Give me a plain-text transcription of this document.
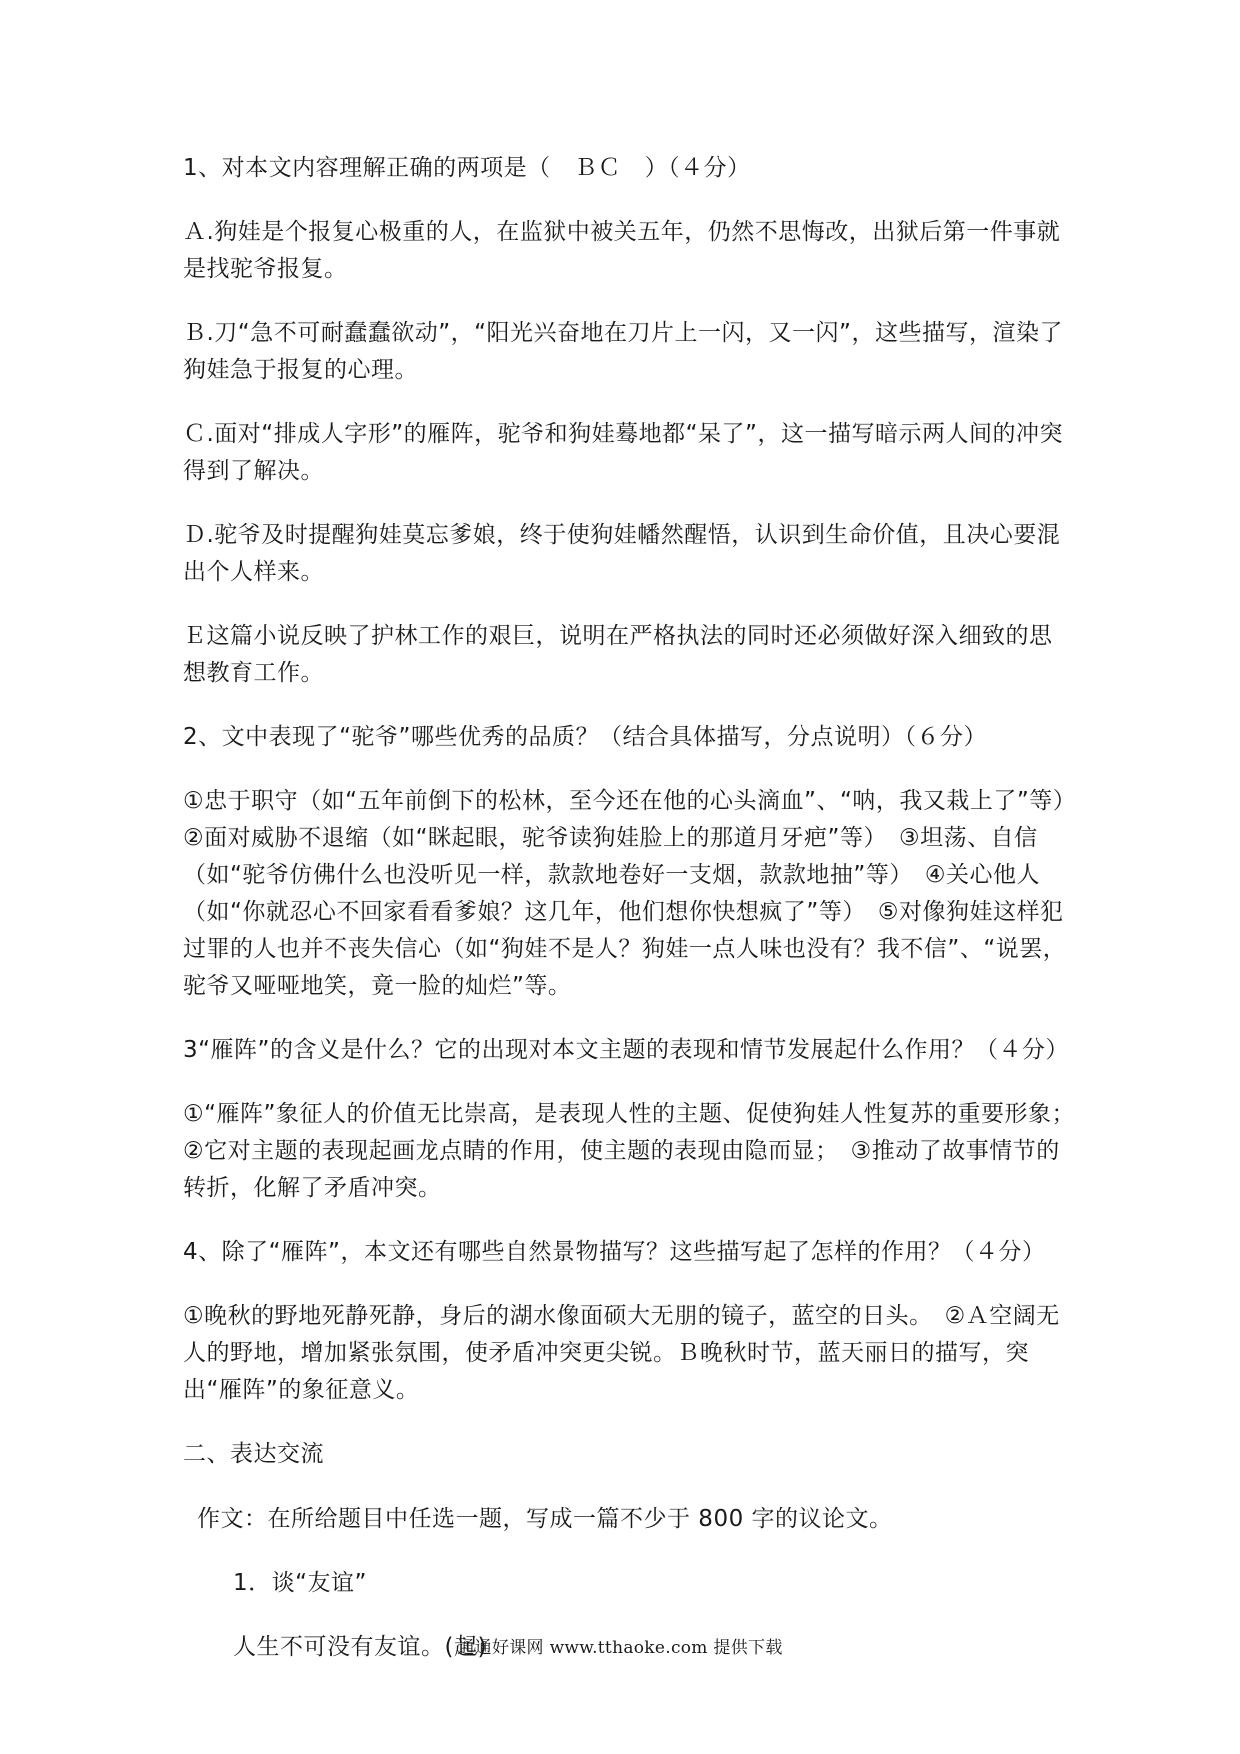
1、对本文内容理解正确的两项是（　ＢＣ　）（４分）

Ａ.狗娃是个报复心极重的人，在监狱中被关五年，仍然不思悔改，出狱后第一件事就是找驼爷报复。

Ｂ.刀“急不可耐蠢蠢欲动”，“阳光兴奋地在刀片上一闪，又一闪”，这些描写，渲染了狗娃急于报复的心理。

Ｃ.面对“排成人字形”的雁阵，驼爷和狗娃蓦地都“呆了”，这一描写暗示两人间的冲突得到了解决。

Ｄ.驼爷及时提醒狗娃莫忘爹娘，终于使狗娃幡然醒悟，认识到生命价值，且决心要混出个人样来。

Ｅ这篇小说反映了护林工作的艰巨，说明在严格执法的同时还必须做好深入细致的思想教育工作。

2、文中表现了“驼爷”哪些优秀的品质？（结合具体描写，分点说明）（６分）

①忠于职守（如“五年前倒下的松林，至今还在他的心头滴血”、“呐，我又栽上了”等）　②面对威胁不退缩（如“眯起眼，驼爷读狗娃脸上的那道月牙疤”等）　③坦荡、自信（如“驼爷仿佛什么也没听见一样，款款地卷好一支烟，款款地抽”等）　④关心他人（如“你就忍心不回家看看爹娘？这几年，他们想你快想疯了”等）　⑤对像狗娃这样犯过罪的人也并不丧失信心（如“狗娃不是人？狗娃一点人味也没有？我不信”、“说罢，驼爷又哑哑地笑，竟一脸的灿烂”等。

3“雁阵”的含义是什么？它的出现对本文主题的表现和情节发展起什么作用？（４分）

①“雁阵”象征人的价值无比崇高，是表现人性的主题、促使狗娃人性复苏的重要形象；　②它对主题的表现起画龙点睛的作用，使主题的表现由隐而显；　③推动了故事情节的转折，化解了矛盾冲突。

4、除了“雁阵”，本文还有哪些自然景物描写？这些描写起了怎样的作用？（４分）

①晚秋的野地死静死静，身后的湖水像面硕大无朋的镜子，蓝空的日头。　②Ａ空阔无人的野地，增加紧张氛围，使矛盾冲突更尖锐。Ｂ晚秋时节，蓝天丽日的描写，突出“雁阵”的象征意义。

二、表达交流

作文：在所给题目中任选一题，写成一篇不少于 800 字的议论文。

1．谈“友谊”

人生不可没有友谊。(起)

通通好课网 www.tthaoke.com 提供下载
